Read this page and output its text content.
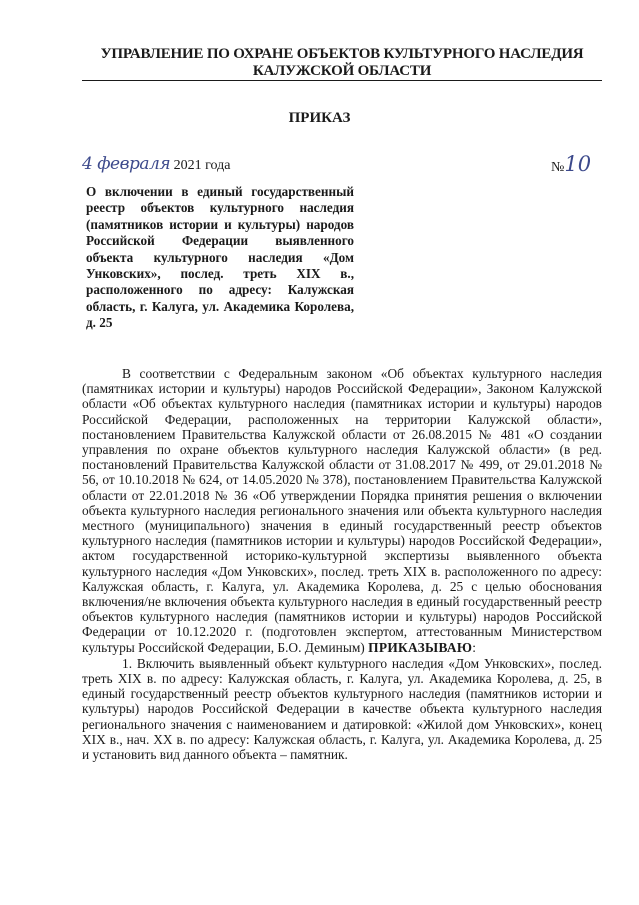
УПРАВЛЕНИЕ ПО ОХРАНЕ ОБЪЕКТОВ КУЛЬТУРНОГО НАСЛЕДИЯ
КАЛУЖСКОЙ ОБЛАСТИ
ПРИКАЗ
4 февраля 2021 года	№10
О включении в единый государственный реестр объектов культурного наследия (памятников истории и культуры) народов Российской Федерации выявленного объекта культурного наследия «Дом Унковских», послед. треть XIX в., расположенного по адресу: Калужская область, г. Калуга, ул. Академика Королева, д. 25

В соответствии с Федеральным законом «Об объектах культурного наследия (памятниках истории и культуры) народов Российской Федерации», Законом Калужской области «Об объектах культурного наследия (памятниках истории и культуры) народов Российской Федерации, расположенных на территории Калужской области», постановлением Правительства Калужской области от 26.08.2015 № 481 «О создании управления по охране объектов культурного наследия Калужской области» (в ред. постановлений Правительства Калужской области от 31.08.2017 № 499, от 29.01.2018 № 56, от 10.10.2018 № 624, от 14.05.2020 № 378), постановлением Правительства Калужской области от 22.01.2018 № 36 «Об утверждении Порядка принятия решения о включении объекта культурного наследия регионального значения или объекта культурного наследия местного (муниципального) значения в единый государственный реестр объектов культурного наследия (памятников истории и культуры) народов Российской Федерации», актом государственной историко-культурной экспертизы выявленного объекта культурного наследия «Дом Унковских», послед. треть XIX в. расположенного по адресу: Калужская область, г. Калуга, ул. Академика Королева, д. 25 с целью обоснования включения/не включения объекта культурного наследия в единый государственный реестр объектов культурного наследия (памятников истории и культуры) народов Российской Федерации от 10.12.2020 г. (подготовлен экспертом, аттестованным Министерством культуры Российской Федерации, Б.О. Деминым) ПРИКАЗЫВАЮ:

1. Включить выявленный объект культурного наследия «Дом Унковских», послед. треть XIX в. по адресу: Калужская область, г. Калуга, ул. Академика Королева, д. 25, в единый государственный реестр объектов культурного наследия (памятников истории и культуры) народов Российской Федерации в качестве объекта культурного наследия регионального значения с наименованием и датировкой: «Жилой дом Унковских», конец XIX в., нач. XX в. по адресу: Калужская область, г. Калуга, ул. Академика Королева, д. 25 и установить вид данного объекта – памятник.
